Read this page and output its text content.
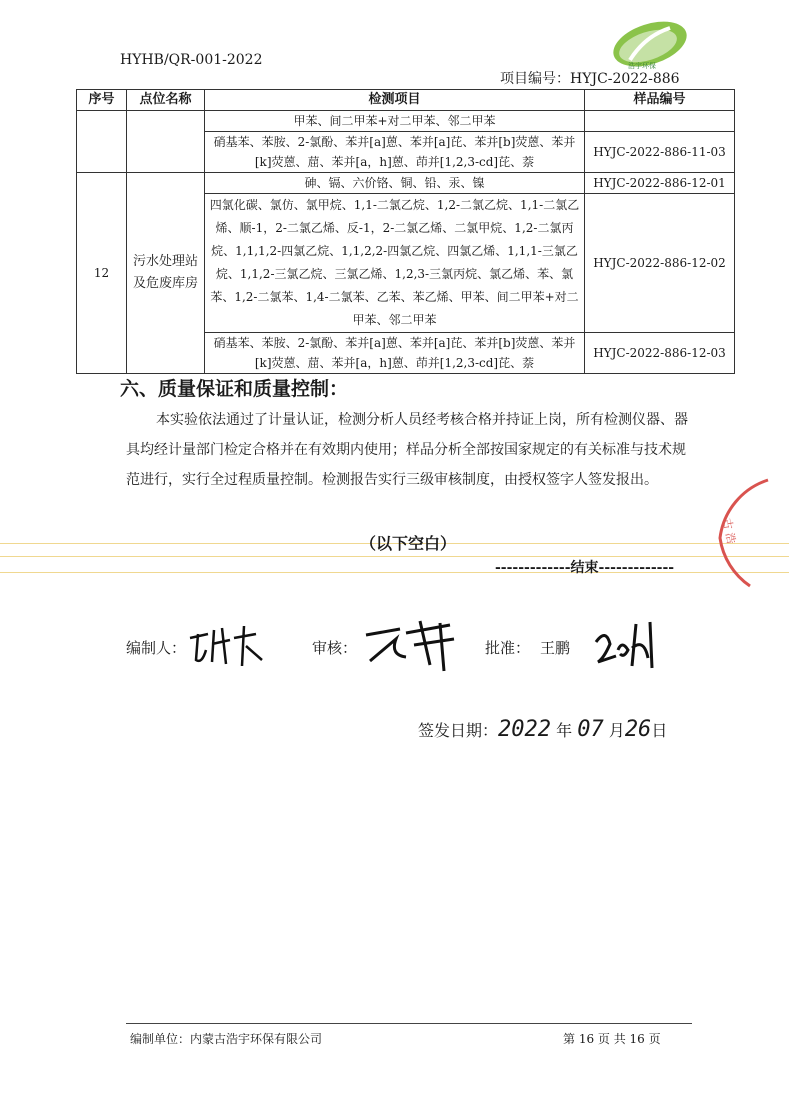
HYHB/QR-001-2022	浩宇环保
项目编号：HYJC-2022-886
序号	点位名称	检测项目	样品编号
		甲苯、间二甲苯+对二甲苯、邻二甲苯	
		硝基苯、苯胺、2-氯酚、苯并[a]蒽、苯并[a]芘、苯并[b]荧蒽、苯并[k]荧蒽、䓛、苯并[a，h]蒽、茚并[1,2,3-cd]芘、萘	HYJC-2022-886-11-03
12	污水处理站及危废库房	砷、镉、六价铬、铜、铅、汞、镍	HYJC-2022-886-12-01
		四氯化碳、氯仿、氯甲烷、1,1-二氯乙烷、1,2-二氯乙烷、1,1-二氯乙烯、顺-1，2-二氯乙烯、反-1，2-二氯乙烯、二氯甲烷、1,2-二氯丙烷、1,1,1,2-四氯乙烷、1,1,2,2-四氯乙烷、四氯乙烯、1,1,1-三氯乙烷、1,1,2-三氯乙烷、三氯乙烯、1,2,3-三氯丙烷、氯乙烯、苯、氯苯、1,2-二氯苯、1,4-二氯苯、乙苯、苯乙烯、甲苯、间二甲苯+对二甲苯、邻二甲苯	HYJC-2022-886-12-02
		硝基苯、苯胺、2-氯酚、苯并[a]蒽、苯并[a]芘、苯并[b]荧蒽、苯并[k]荧蒽、䓛、苯并[a，h]蒽、茚并[1,2,3-cd]芘、萘	HYJC-2022-886-12-03
六、质量保证和质量控制：
本实验依法通过了计量认证，检测分析人员经考核合格并持证上岗，所有检测仪器、器具均经计量部门检定合格并在有效期内使用；样品分析全部按国家规定的有关标准与技术规范进行，实行全过程质量控制。检测报告实行三级审核制度，由授权签字人签发报出。
（以下空白）
-------------结束-------------
古 浩
编制人：	审核：	批准： 王鹏
签发日期：2022 年 07 月26日
编制单位：内蒙古浩宇环保有限公司	第 16 页 共 16 页
